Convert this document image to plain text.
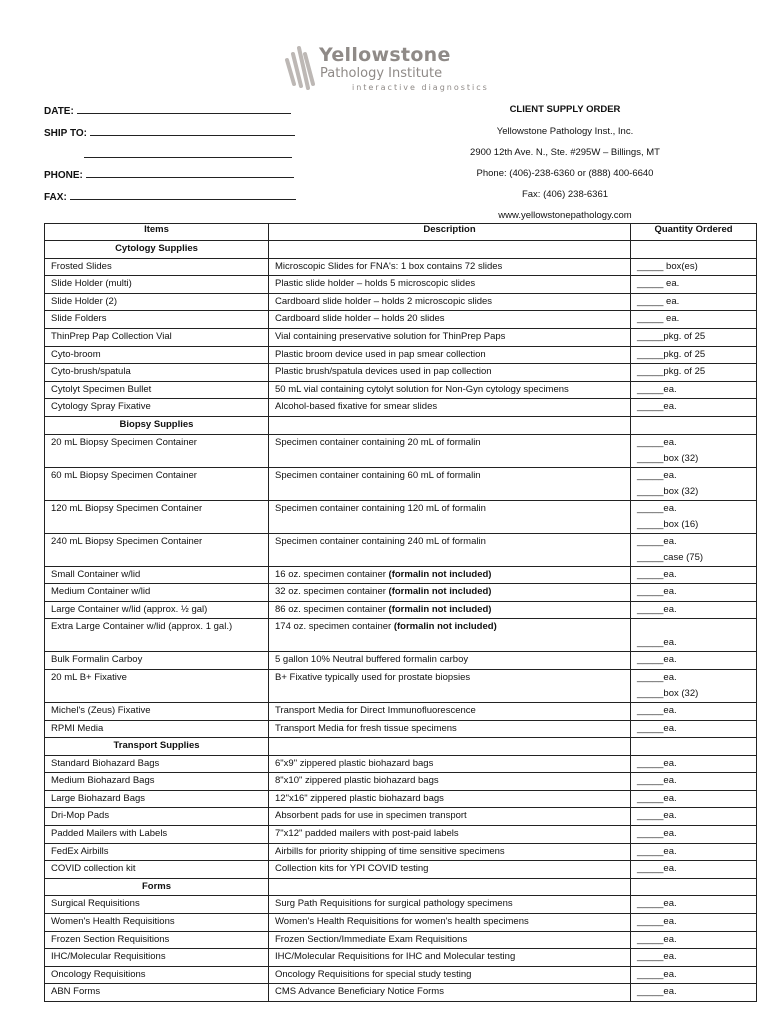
Yellowstone
Pathology Institute
interactive diagnostics
DATE:
SHIP TO:
PHONE:
FAX:
CLIENT SUPPLY ORDER
Yellowstone Pathology Inst., Inc.
2900 12th Ave. N., Ste. #295W – Billings, MT
Phone: (406)-238-6360 or (888) 400-6640
Fax: (406) 238-6361
www.yellowstonepathology.com
Items	Description	Quantity Ordered
Cytology Supplies		
Frosted Slides	Microscopic Slides for FNA's: 1 box contains 72 slides	_____ box(es)

Slide Holder (multi)	Plastic slide holder – holds 5 microscopic slides	_____ ea.

Slide Holder (2)	Cardboard slide holder – holds 2 microscopic slides	_____ ea.

Slide Folders	Cardboard slide holder – holds 20 slides	_____ ea.

ThinPrep Pap Collection Vial	Vial containing preservative solution for ThinPrep Paps	_____pkg. of 25

Cyto-broom	Plastic broom device used in pap smear collection	_____pkg. of 25

Cyto-brush/spatula	Plastic brush/spatula devices used in pap collection	_____pkg. of 25

Cytolyt Specimen Bullet	50 mL vial containing cytolyt solution for Non-Gyn cytology specimens	_____ea.

Cytology Spray Fixative	Alcohol-based fixative for smear slides	_____ea.

Biopsy Supplies		
20 mL Biopsy Specimen Container	Specimen container containing 20 mL of formalin	_____ea.
_____box (32)

60 mL Biopsy Specimen Container	Specimen container containing 60 mL of formalin	_____ea.
_____box (32)

120 mL Biopsy Specimen Container	Specimen container containing 120 mL of formalin	_____ea.
_____box (16)

240 mL Biopsy Specimen Container	Specimen container containing 240 mL of formalin	_____ea.
_____case (75)

Small Container w/lid	16 oz. specimen container (formalin not included)	_____ea.

Medium Container w/lid	32 oz. specimen container (formalin not included)	_____ea.

Large Container w/lid (approx. ½ gal)	86 oz. specimen container (formalin not included)	_____ea.

Extra Large Container w/lid (approx. 1 gal.)	174 oz. specimen container (formalin not included)	_____ea.

Bulk Formalin Carboy	5 gallon 10% Neutral buffered formalin carboy	_____ea.

20 mL B+ Fixative	B+ Fixative typically used for prostate biopsies	_____ea.
_____box (32)

Michel's (Zeus) Fixative	Transport Media for Direct Immunofluorescence	_____ea.

RPMI Media	Transport Media for fresh tissue specimens	_____ea.

Transport Supplies		
Standard Biohazard Bags	6"x9" zippered plastic biohazard bags	_____ea.

Medium Biohazard Bags	8"x10" zippered plastic biohazard bags	_____ea.

Large Biohazard Bags	12"x16" zippered plastic biohazard bags	_____ea.

Dri-Mop Pads	Absorbent pads for use in specimen transport	_____ea.

Padded Mailers with Labels	7"x12" padded mailers with post-paid labels	_____ea.

FedEx Airbills	Airbills for priority shipping of time sensitive specimens	_____ea.

COVID collection kit	Collection kits for YPI COVID testing	_____ea.

Forms		
Surgical Requisitions	Surg Path Requisitions for surgical pathology specimens	_____ea.

Women's Health Requisitions	Women's Health Requisitions for women's health specimens	_____ea.

Frozen Section Requisitions	Frozen Section/Immediate Exam Requisitions	_____ea.

IHC/Molecular Requisitions	IHC/Molecular Requisitions for IHC and Molecular testing	_____ea.

Oncology Requisitions	Oncology Requisitions for special study testing	_____ea.

ABN Forms	CMS Advance Beneficiary Notice Forms	_____ea.
